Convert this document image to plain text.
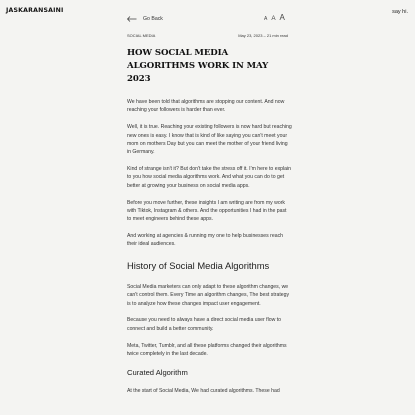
JASKARANSAINI	say hi.
Go Back	A A A
SOCIAL MEDIA	May 23, 2023 – 21 min read
HOW SOCIAL MEDIA ALGORITHMS WORK IN MAY 2023

We have been told that algorithms are stopping our content. And now reaching your followers is harder than ever.

Well, it is true. Reaching your existing followers is now hard but reaching new ones is easy. I know that is kind of like saying you can't meet your mom on mothers Day but you can meet the mother of your friend living in Germany.

Kind of strange isn't it? But don't take the stress off it. I'm here to explain to you how social media algorithms work. And what you can do to get better at growing your business on social media apps.

Before you move further, these insights I am writing are from my work with Tiktok, Instagram & others. And the opportunities I had in the past to meet engineers behind these apps.

And working at agencies & running my one to help businesses reach their ideal audiences.

History of Social Media Algorithms

Social Media marketers can only adapt to these algorithm changes, we can't control them. Every Time an algorithm changes, The best strategy is to analyze how these changes impact user engagement.

Because you need to always have a direct social media user flow to connect and build a better community.

Meta, Twitter, Tumblr, and all these platforms changed their algorithms twice completely in the last decade.

Curated Algorithm

At the start of Social Media, We had curated algorithms. These had
